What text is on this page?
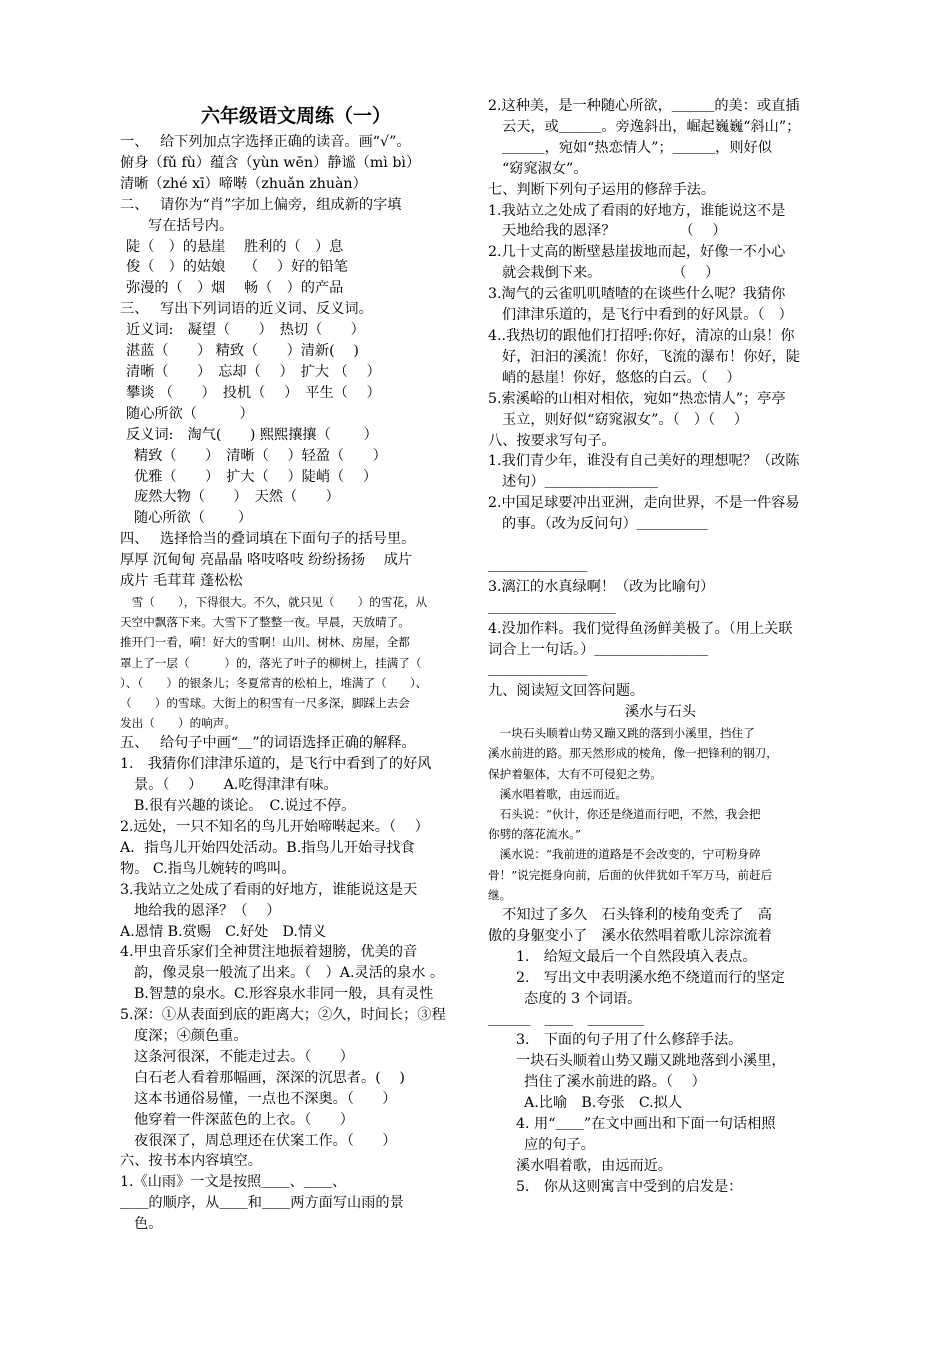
六年级语文周练（一）
一、　 给下列加点字选择正确的读音。画“√”。
俯身（fǔ fù）蕴含（yùn wēn）静谧（mì bì）
清晰（zhé xī）啼啭（zhuǎn zhuàn）
二、　 请你为“肖”字加上偏旁，组成新的字填
写在括号内。
陡（　）的悬崖　 胜利的（　）息
俊（　）的姑娘　 （　 ）好的铅笔
弥漫的（　）烟　 畅（　）的产品
三、　 写出下列词语的近义词、反义词。
近义词:　凝望（　　）　热切（　　）
湛蓝（　　） 精致（　　）清新(　 )
清晰（　　）　忘却（　 ）　扩大 （　 ）
攀谈 （　　）　投机（　 ）　平生（　 ）
随心所欲（　　　）
反义词:　淘气(　　) 熙熙攘攘（　　 ）
精致（　　）　清晰（　 ）轻盈（　　）
优雅（　　）　扩大（　 ）陡峭（　 ）
庞然大物（　　）　天然（　　）
随心所欲（　　 ）
四、　 选择恰当的叠词填在下面句子的括号里。
厚厚 沉甸甸 亮晶晶 咯吱咯吱 纷纷扬扬　 成片
成片 毛茸茸 蓬松松
　雪（　　），下得很大。不久，就只见（　　）的雪花，从
天空中飘落下来。大雪下了整整一夜。早晨，天放晴了。
推开门一看，嗬！好大的雪啊！山川、树林、房屋，全都
罩上了一层（　　　）的，落光了叶子的柳树上，挂满了（
）、（　　）的银条儿；冬夏常青的松柏上，堆满了（　　）、
（　　）的雪球。大街上的积雪有一尺多深，脚踩上去会
发出（　　）的响声。
五、　 给句子中画“＿”的词语选择正确的解释。
1.　我猜你们津津乐道的，是飞行中看到了的好风
景。（　 ）　　A.吃得津津有味。
B.很有兴趣的谈论。　C.说过不停。
2.远处，一只不知名的鸟儿开始啼啭起来。（　 ）
A．指鸟儿开始四处活动。B.指鸟儿开始寻找食
物。 C.指鸟儿婉转的鸣叫。
3.我站立之处成了看雨的好地方，谁能说这是天
地给我的恩泽？（　 ）
A.恩情 B.赏赐　C.好处　D.情义
4.甲虫音乐家们全神贯注地振着翅膀，优美的音
韵，像灵泉一般流了出来。（　）A.灵活的泉水 。
B.智慧的泉水。C.形容泉水非同一般，具有灵性
5.深：①从表面到底的距离大；②久，时间长；③程
度深；④颜色重。
这条河很深，不能走过去。（　　）
白石老人看着那幅画，深深的沉思者。(　 )
这本书通俗易懂，一点也不深奥。（　　）
他穿着一件深蓝色的上衣。（　　）
夜很深了，周总理还在伏案工作。（　　）
六、按书本内容填空。
1.《山雨》一文是按照＿＿、＿＿、
＿＿的顺序，从＿＿和＿＿两方面写山雨的景
色。
2.这种美，是一种随心所欲，＿＿＿的美：或直插
云天，或＿＿＿。旁逸斜出，崛起巍巍“斜山”；
＿＿＿，宛如“热恋情人”；＿＿＿，则好似
“窈窕淑女”。
七、判断下列句子运用的修辞手法。
1.我站立之处成了看雨的好地方，谁能说这不是
天地给我的恩泽？　　　　　（　 ）
2.几十丈高的断壁悬崖拔地而起，好像一不小心
就会栽倒下来。　　　　　　（　 ）
3.淘气的云雀叽叽喳喳的在谈些什么呢？我猜你
们津津乐道的，是飞行中看到的好风景。（　）
4..我热切的跟他们打招呼:你好，清凉的山泉！你
好，汩汩的溪流！你好，飞流的瀑布！你好，陡
峭的悬崖！你好，悠悠的白云。（　 ）
5.索溪峪的山相对相依，宛如“热恋情人”；亭亭
玉立，则好似“窈窕淑女”。（　）（　 ）
八、按要求写句子。
1.我们青少年，谁没有自己美好的理想呢？（改陈
述句）＿＿＿＿＿＿＿＿
2.中国足球要冲出亚洲，走向世界，不是一件容易
的事。（改为反问句）＿＿＿＿＿

＿＿＿＿＿＿＿
3.漓江的水真绿啊！（改为比喻句）
＿＿＿＿＿＿＿＿＿
4.没加作料。我们觉得鱼汤鲜美极了。（用上关联
词合上一句话。）＿＿＿＿＿＿＿＿
＿＿＿＿＿＿＿
九、阅读短文回答问题。
溪水与石头
　一块石头顺着山势又蹦又跳的落到小溪里，挡住了
溪水前进的路。那天然形成的棱角，像一把锋利的钢刀，
保护着躯体，大有不可侵犯之势。
　溪水唱着歌，由远而近。
　石头说：“伙计，你还是绕道而行吧，不然，我会把
你劈的落花流水。”
　溪水说：“我前进的道路是不会改变的，宁可粉身碎
骨！”说完挺身向前，后面的伙伴犹如千军万马，前赶后
继。
　不知过了多久　石头锋利的棱角变秃了　高
傲的身躯变小了　溪水依然唱着歌儿淙淙流着
1.　给短文最后一个自然段填入表点。
2.　写出文中表明溪水绝不绕道而行的坚定
态度的 3 个词语。
＿＿＿　＿＿　＿＿＿＿
3.　下面的句子用了什么修辞手法。
一块石头顺着山势又蹦又跳地落到小溪里，
挡住了溪水前进的路。（　 ）
A.比喻　B.夸张　C.拟人
4. 用“＿＿”在文中画出和下面一句话相照
应的句子。
溪水唱着歌，由远而近。
5.　你从这则寓言中受到的启发是：
